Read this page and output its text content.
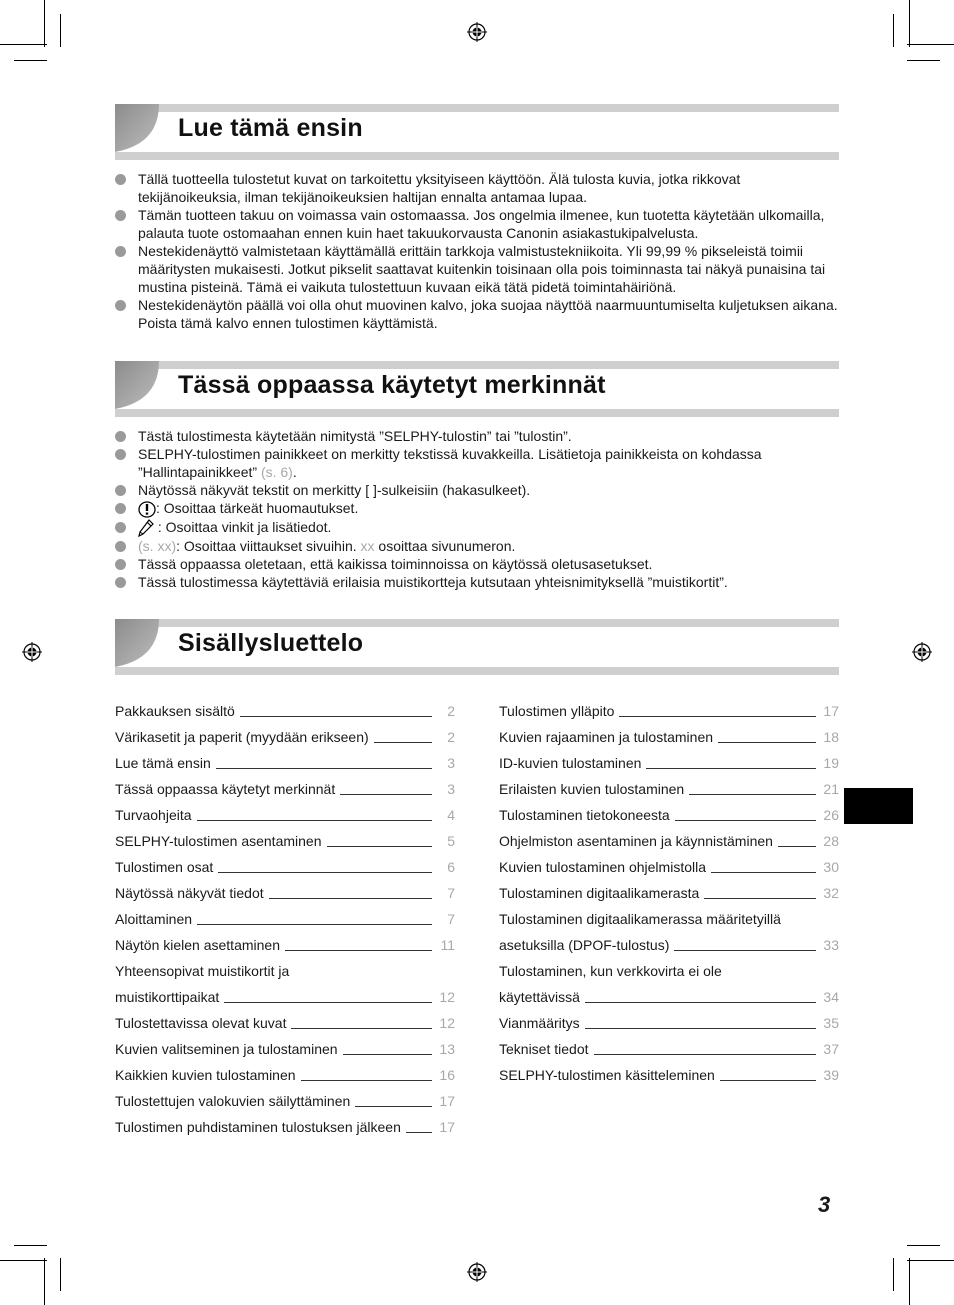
Lue tämä ensin
Tällä tuotteella tulostetut kuvat on tarkoitettu yksityiseen käyttöön. Älä tulosta kuvia, jotka rikkovat tekijänoikeuksia, ilman tekijänoikeuksien haltijan ennalta antamaa lupaa.
Tämän tuotteen takuu on voimassa vain ostomaassa. Jos ongelmia ilmenee, kun tuotetta käytetään ulkomailla, palauta tuote ostomaahan ennen kuin haet takuukorvausta Canonin asiakastukipalvelusta.
Nestekidenäyttö valmistetaan käyttämällä erittäin tarkkoja valmistustekniikoita. Yli 99,99 % pikseleistä toimii määritysten mukaisesti. Jotkut pikselit saattavat kuitenkin toisinaan olla pois toiminnasta tai näkyä punaisina tai mustina pisteinä. Tämä ei vaikuta tulostettuun kuvaan eikä tätä pidetä toimintahäiriönä.
Nestekidenäytön päällä voi olla ohut muovinen kalvo, joka suojaa näyttöä naarmuuntumiselta kuljetuksen aikana. Poista tämä kalvo ennen tulostimen käyttämistä.
Tässä oppaassa käytetyt merkinnät
Tästä tulostimesta käytetään nimitystä ”SELPHY-tulostin” tai ”tulostin”.
SELPHY-tulostimen painikkeet on merkitty tekstissä kuvakkeilla. Lisätietoja painikkeista on kohdassa ”Hallintapainikkeet” (s. 6).
Näytössä näkyvät tekstit on merkitty [ ]-sulkeisiin (hakasulkeet).
: Osoittaa tärkeät huomautukset.
: Osoittaa vinkit ja lisätiedot.
(s. xx): Osoittaa viittaukset sivuihin. xx osoittaa sivunumeron.
Tässä oppaassa oletetaan, että kaikissa toiminnoissa on käytössä oletusasetukset.
Tässä tulostimessa käytettäviä erilaisia muistikortteja kutsutaan yhteisnimityksellä ”muistikortit”.
Sisällysluettelo
Pakkauksen sisältö	2
Värikasetit ja paperit (myydään erikseen)	2
Lue tämä ensin	3
Tässä oppaassa käytetyt merkinnät	3
Turvaohjeita	4
SELPHY-tulostimen asentaminen	5
Tulostimen osat	6
Näytössä näkyvät tiedot	7
Aloittaminen	7
Näytön kielen asettaminen	11
Yhteensopivat muistikortit ja
muistikorttipaikat	12
Tulostettavissa olevat kuvat	12
Kuvien valitseminen ja tulostaminen	13
Kaikkien kuvien tulostaminen	16
Tulostettujen valokuvien säilyttäminen	17
Tulostimen puhdistaminen tulostuksen jälkeen	17
Tulostimen ylläpito	17
Kuvien rajaaminen ja tulostaminen	18
ID-kuvien tulostaminen	19
Erilaisten kuvien tulostaminen	21
Tulostaminen tietokoneesta	26
Ohjelmiston asentaminen ja käynnistäminen	28
Kuvien tulostaminen ohjelmistolla	30
Tulostaminen digitaalikamerasta	32
Tulostaminen digitaalikamerassa määritetyillä
asetuksilla (DPOF-tulostus)	33
Tulostaminen, kun verkkovirta ei ole
käytettävissä	34
Vianmääritys	35
Tekniset tiedot	37
SELPHY-tulostimen käsitteleminen	39
3
